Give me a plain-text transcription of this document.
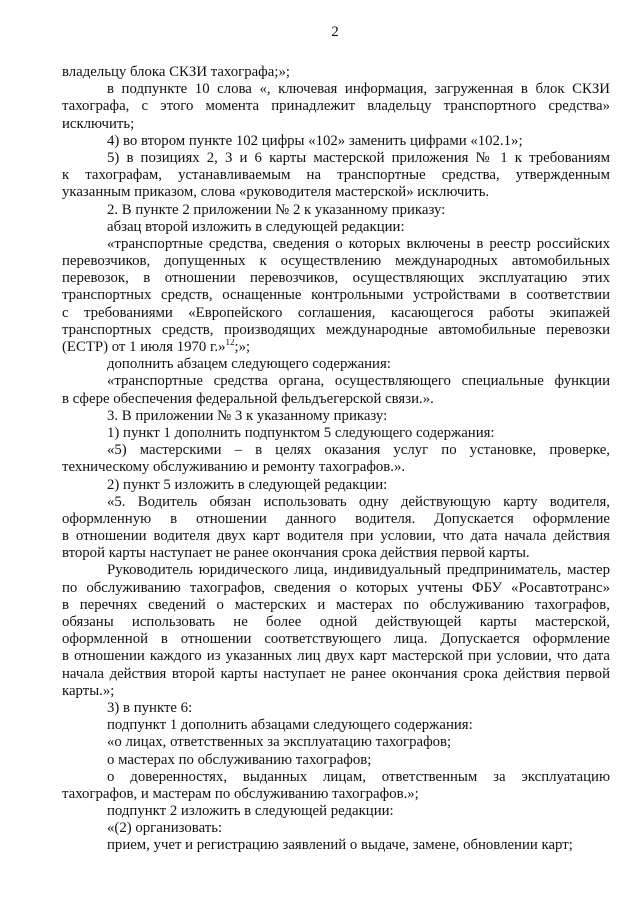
2
владельцу блока СКЗИ тахографа;»;
в подпункте 10 слова «, ключевая информация, загруженная в блок СКЗИ
тахографа, с этого момента принадлежит владельцу транспортного средства»
исключить;
4) во втором пункте 102 цифры «102» заменить цифрами «102.1»;
5) в позициях 2, 3 и 6 карты мастерской приложения № 1 к требованиям
к тахографам, устанавливаемым на транспортные средства, утвержденным
указанным приказом, слова «руководителя мастерской» исключить.
2. В пункте 2 приложении № 2 к указанному приказу:
абзац второй изложить в следующей редакции:
«транспортные средства, сведения о которых включены в реестр российских
перевозчиков, допущенных к осуществлению международных автомобильных
перевозок, в отношении перевозчиков, осуществляющих эксплуатацию этих
транспортных средств, оснащенные контрольными устройствами в соответствии
с требованиями «Европейского соглашения, касающегося работы экипажей
транспортных средств, производящих международные автомобильные перевозки
(ЕСТР) от 1 июля 1970 г.»$^{12}$;»;
дополнить абзацем следующего содержания:
«транспортные средства органа, осуществляющего специальные функции
в сфере обеспечения федеральной фельдъегерской связи.».
3. В приложении № 3 к указанному приказу:
1) пункт 1 дополнить подпунктом 5 следующего содержания:
«5) мастерскими – в целях оказания услуг по установке, проверке,
техническому обслуживанию и ремонту тахографов.».
2) пункт 5 изложить в следующей редакции:
«5. Водитель обязан использовать одну действующую карту водителя,
оформленную в отношении данного водителя. Допускается оформление
в отношении водителя двух карт водителя при условии, что дата начала действия
второй карты наступает не ранее окончания срока действия первой карты.
Руководитель юридического лица, индивидуальный предприниматель, мастер
по обслуживанию тахографов, сведения о которых учтены ФБУ «Росавтотранс»
в перечнях сведений о мастерских и мастерах по обслуживанию тахографов,
обязаны использовать не более одной действующей карты мастерской,
оформленной в отношении соответствующего лица. Допускается оформление
в отношении каждого из указанных лиц двух карт мастерской при условии, что дата
начала действия второй карты наступает не ранее окончания срока действия первой
карты.»;
3) в пункте 6:
подпункт 1 дополнить абзацами следующего содержания:
«о лицах, ответственных за эксплуатацию тахографов;
о мастерах по обслуживанию тахографов;
о доверенностях, выданных лицам, ответственным за эксплуатацию
тахографов, и мастерам по обслуживанию тахографов.»;
подпункт 2 изложить в следующей редакции:
«(2) организовать:
прием, учет и регистрацию заявлений о выдаче, замене, обновлении карт;
